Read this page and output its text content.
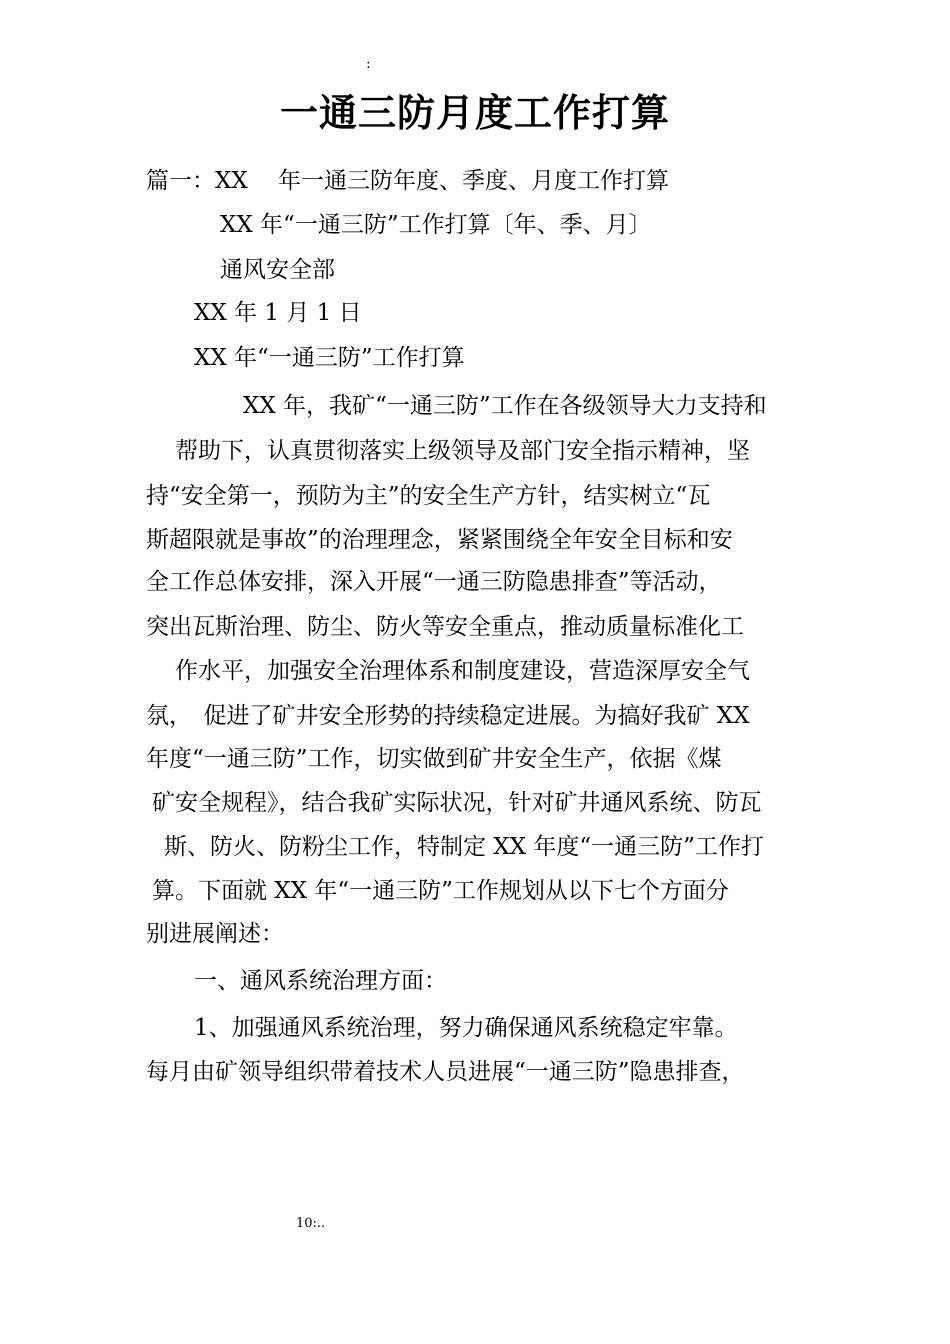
:
一通三防月度工作打算
篇一：XX　 年一通三防年度、季度、月度工作打算
XX 年“一通三防”工作打算〔年、季、月〕
通风安全部
XX 年 1 月 1 日
XX 年“一通三防”工作打算
XX 年，我矿“一通三防”工作在各级领导大力支持和
帮助下，认真贯彻落实上级领导及部门安全指示精神，坚
持“安全第一，预防为主”的安全生产方针，结实树立“瓦
斯超限就是事故”的治理理念，紧紧围绕全年安全目标和安
全工作总体安排，深入开展“一通三防隐患排查”等活动，
突出瓦斯治理、防尘、防火等安全重点，推动质量标准化工
作水平，加强安全治理体系和制度建设，营造深厚安全气
氛，　促进了矿井安全形势的持续稳定进展。为搞好我矿 XX
年度“一通三防”工作，切实做到矿井安全生产，依据《煤
矿安全规程》，结合我矿实际状况，针对矿井通风系统、防瓦
斯、防火、防粉尘工作，特制定 XX 年度“一通三防”工作打
算。下面就 XX 年“一通三防”工作规划从以下七个方面分
别进展阐述：
一、通风系统治理方面：
1、加强通风系统治理，努力确保通风系统稳定牢靠。
每月由矿领导组织带着技术人员进展“一通三防”隐患排查，
10:..
